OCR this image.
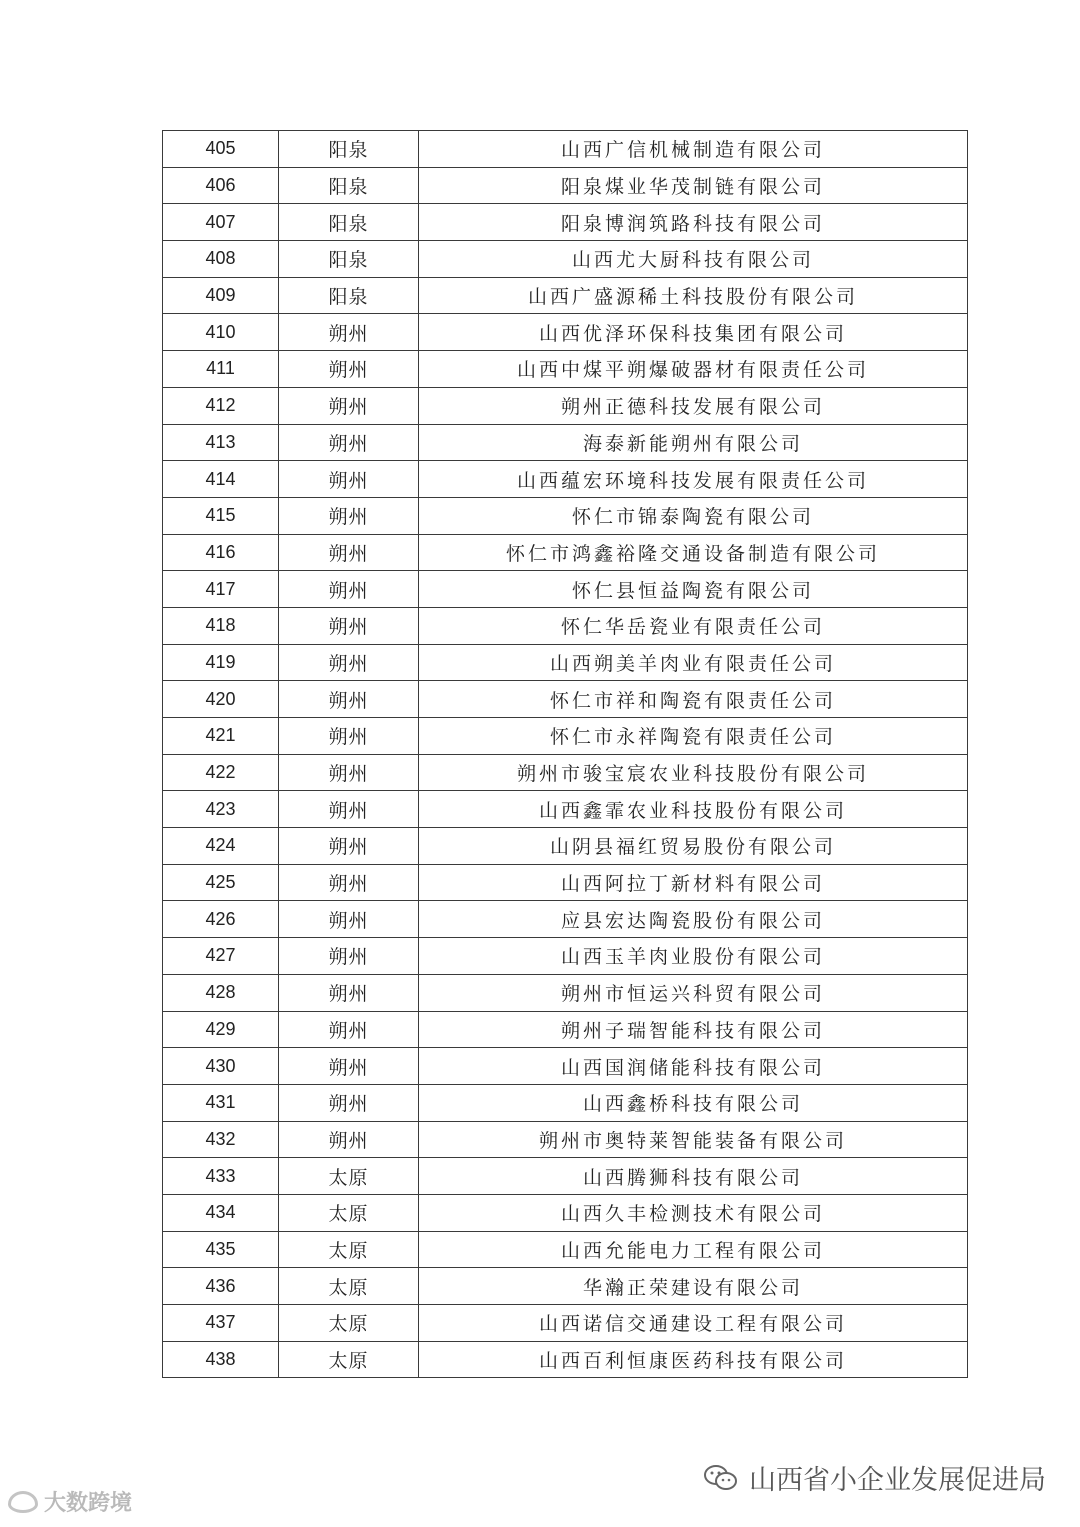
405	阳泉	山西广信机械制造有限公司
406	阳泉	阳泉煤业华茂制链有限公司
407	阳泉	阳泉博润筑路科技有限公司
408	阳泉	山西尤大厨科技有限公司
409	阳泉	山西广盛源稀土科技股份有限公司
410	朔州	山西优泽环保科技集团有限公司
411	朔州	山西中煤平朔爆破器材有限责任公司
412	朔州	朔州正德科技发展有限公司
413	朔州	海泰新能朔州有限公司
414	朔州	山西蕴宏环境科技发展有限责任公司
415	朔州	怀仁市锦泰陶瓷有限公司
416	朔州	怀仁市鸿鑫裕隆交通设备制造有限公司
417	朔州	怀仁县恒益陶瓷有限公司
418	朔州	怀仁华岳瓷业有限责任公司
419	朔州	山西朔美羊肉业有限责任公司
420	朔州	怀仁市祥和陶瓷有限责任公司
421	朔州	怀仁市永祥陶瓷有限责任公司
422	朔州	朔州市骏宝宸农业科技股份有限公司
423	朔州	山西鑫霏农业科技股份有限公司
424	朔州	山阴县福红贸易股份有限公司
425	朔州	山西阿拉丁新材料有限公司
426	朔州	应县宏达陶瓷股份有限公司
427	朔州	山西玉羊肉业股份有限公司
428	朔州	朔州市恒运兴科贸有限公司
429	朔州	朔州子瑞智能科技有限公司
430	朔州	山西国润储能科技有限公司
431	朔州	山西鑫桥科技有限公司
432	朔州	朔州市奥特莱智能装备有限公司
433	太原	山西腾狮科技有限公司
434	太原	山西久丰检测技术有限公司
435	太原	山西允能电力工程有限公司
436	太原	华瀚正荣建设有限公司
437	太原	山西诺信交通建设工程有限公司
438	太原	山西百利恒康医药科技有限公司
大数跨境
山西省小企业发展促进局
